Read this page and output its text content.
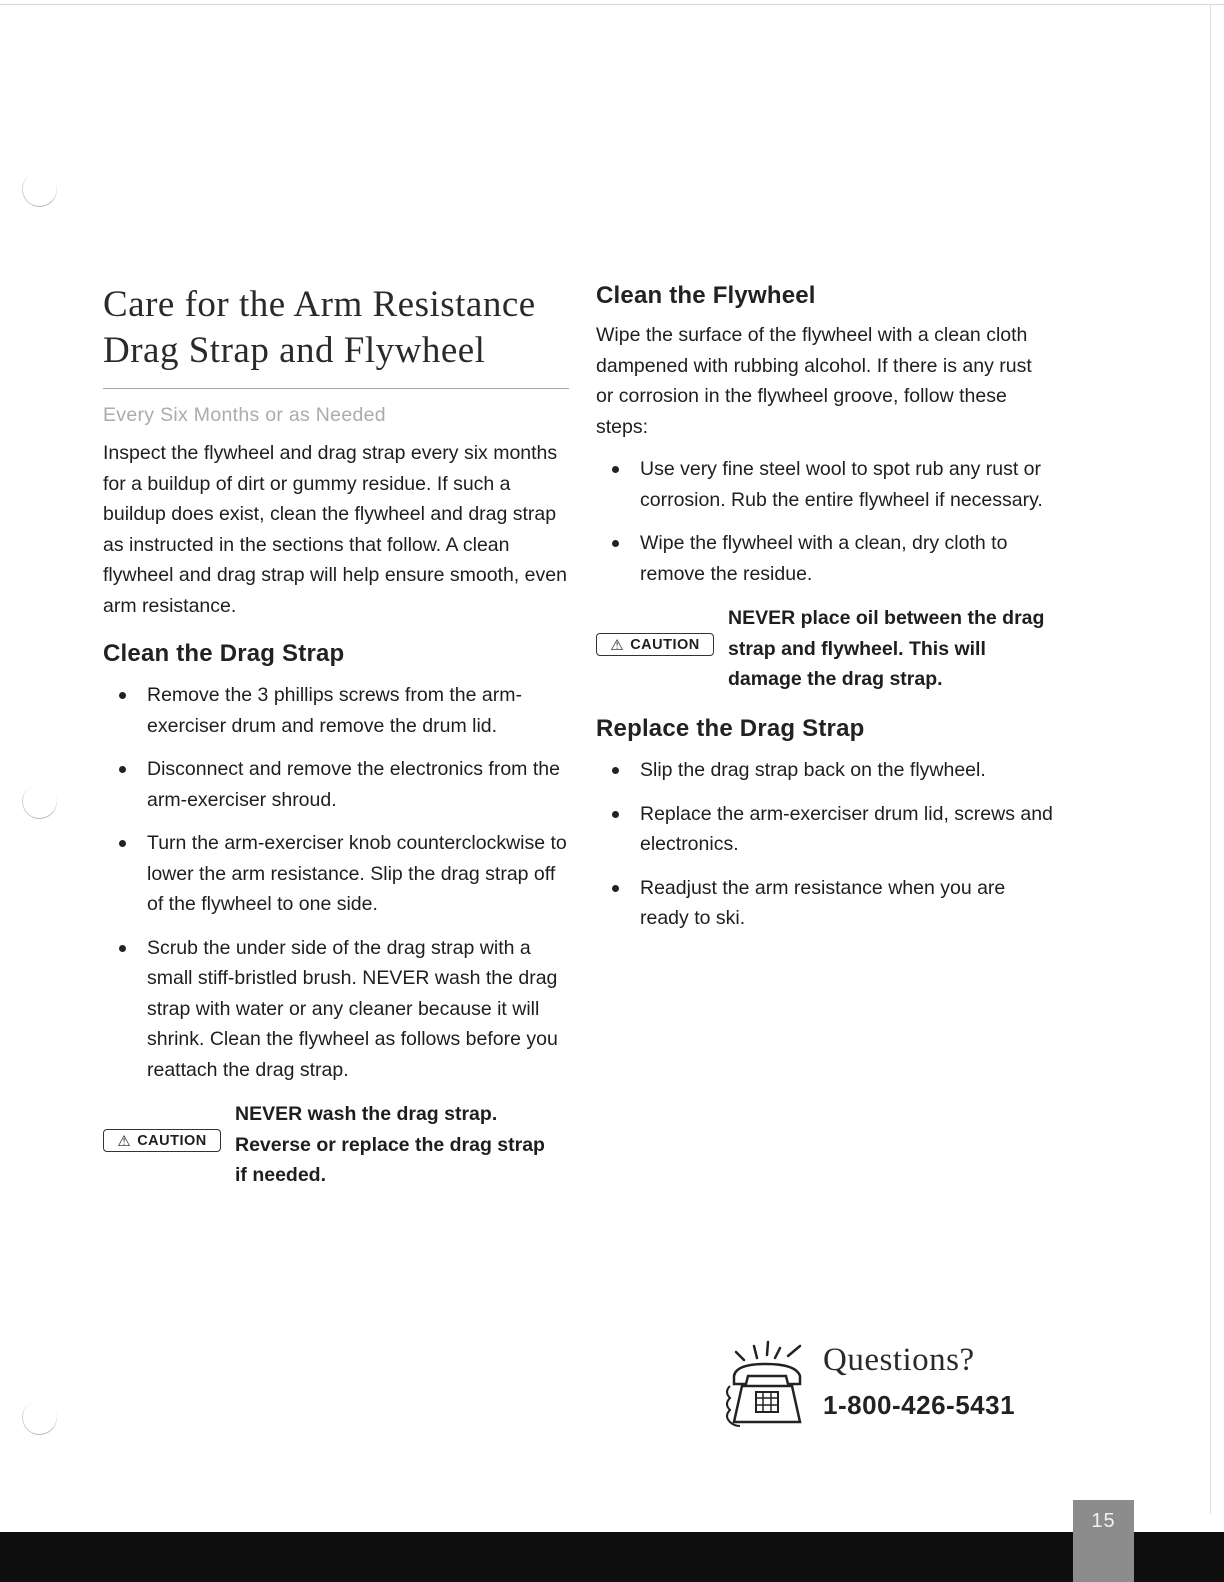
Care for the Arm Resistance
Drag Strap and Flywheel
Every Six Months or as Needed

Inspect the flywheel and drag strap every six months for a buildup of dirt or gummy residue. If such a buildup does exist, clean the flywheel and drag strap as instructed in the sections that follow. A clean flywheel and drag strap will help ensure smooth, even arm resistance.

Clean the Drag Strap
Remove the 3 phillips screws from the arm-exerciser drum and remove the drum lid.
Disconnect and remove the electronics from the arm-exerciser shroud.
Turn the arm-exerciser knob counterclockwise to lower the arm resistance. Slip the drag strap off of the flywheel to one side.
Scrub the under side of the drag strap with a small stiff-bristled brush. NEVER wash the drag strap with water or any cleaner because it will shrink. Clean the flywheel as follows before you reattach the drag strap.
⚠ CAUTION
NEVER wash the drag strap. Reverse or replace the drag strap if needed.
Clean the Flywheel

Wipe the surface of the flywheel with a clean cloth dampened with rubbing alcohol. If there is any rust or corrosion in the flywheel groove, follow these steps:

Use very fine steel wool to spot rub any rust or corrosion. Rub the entire flywheel if necessary.
Wipe the flywheel with a clean, dry cloth to remove the residue.
⚠ CAUTION
NEVER place oil between the drag strap and flywheel. This will damage the drag strap.
Replace the Drag Strap
Slip the drag strap back on the flywheel.
Replace the arm-exerciser drum lid, screws and electronics.
Readjust the arm resistance when you are ready to ski.
Questions?
1-800-426-5431
15
